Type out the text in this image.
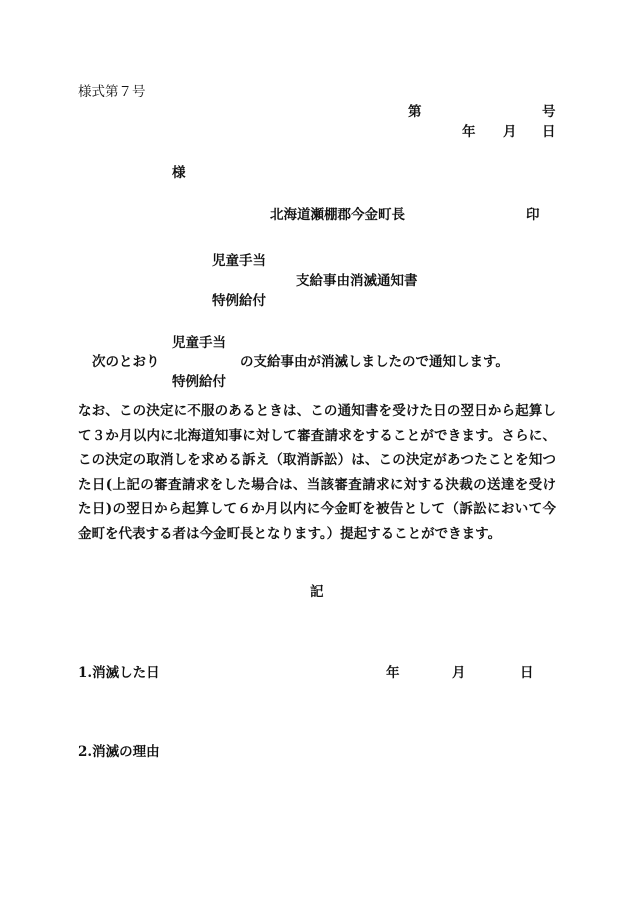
様式第７号
第	号
年 月 日
様
北海道瀬棚郡今金町長	印
児童手当
支給事由消滅通知書
特例給付
児童手当
次のとおり	の支給事由が消滅しましたので通知します。
特例給付
なお、この決定に不服のあるときは、この通知書を受けた日の翌日から起算して３か月以内に北海道知事に対して審査請求をすることができます。さらに、この決定の取消しを求める訴え（取消訴訟）は、この決定があつたことを知つた日(上記の審査請求をした場合は、当該審査請求に対する決裁の送達を受けた日)の翌日から起算して６か月以内に今金町を被告として（訴訟において今金町を代表する者は今金町長となります。）提起することができます。
記
1.消滅した日	年	月	日
2.消滅の理由
